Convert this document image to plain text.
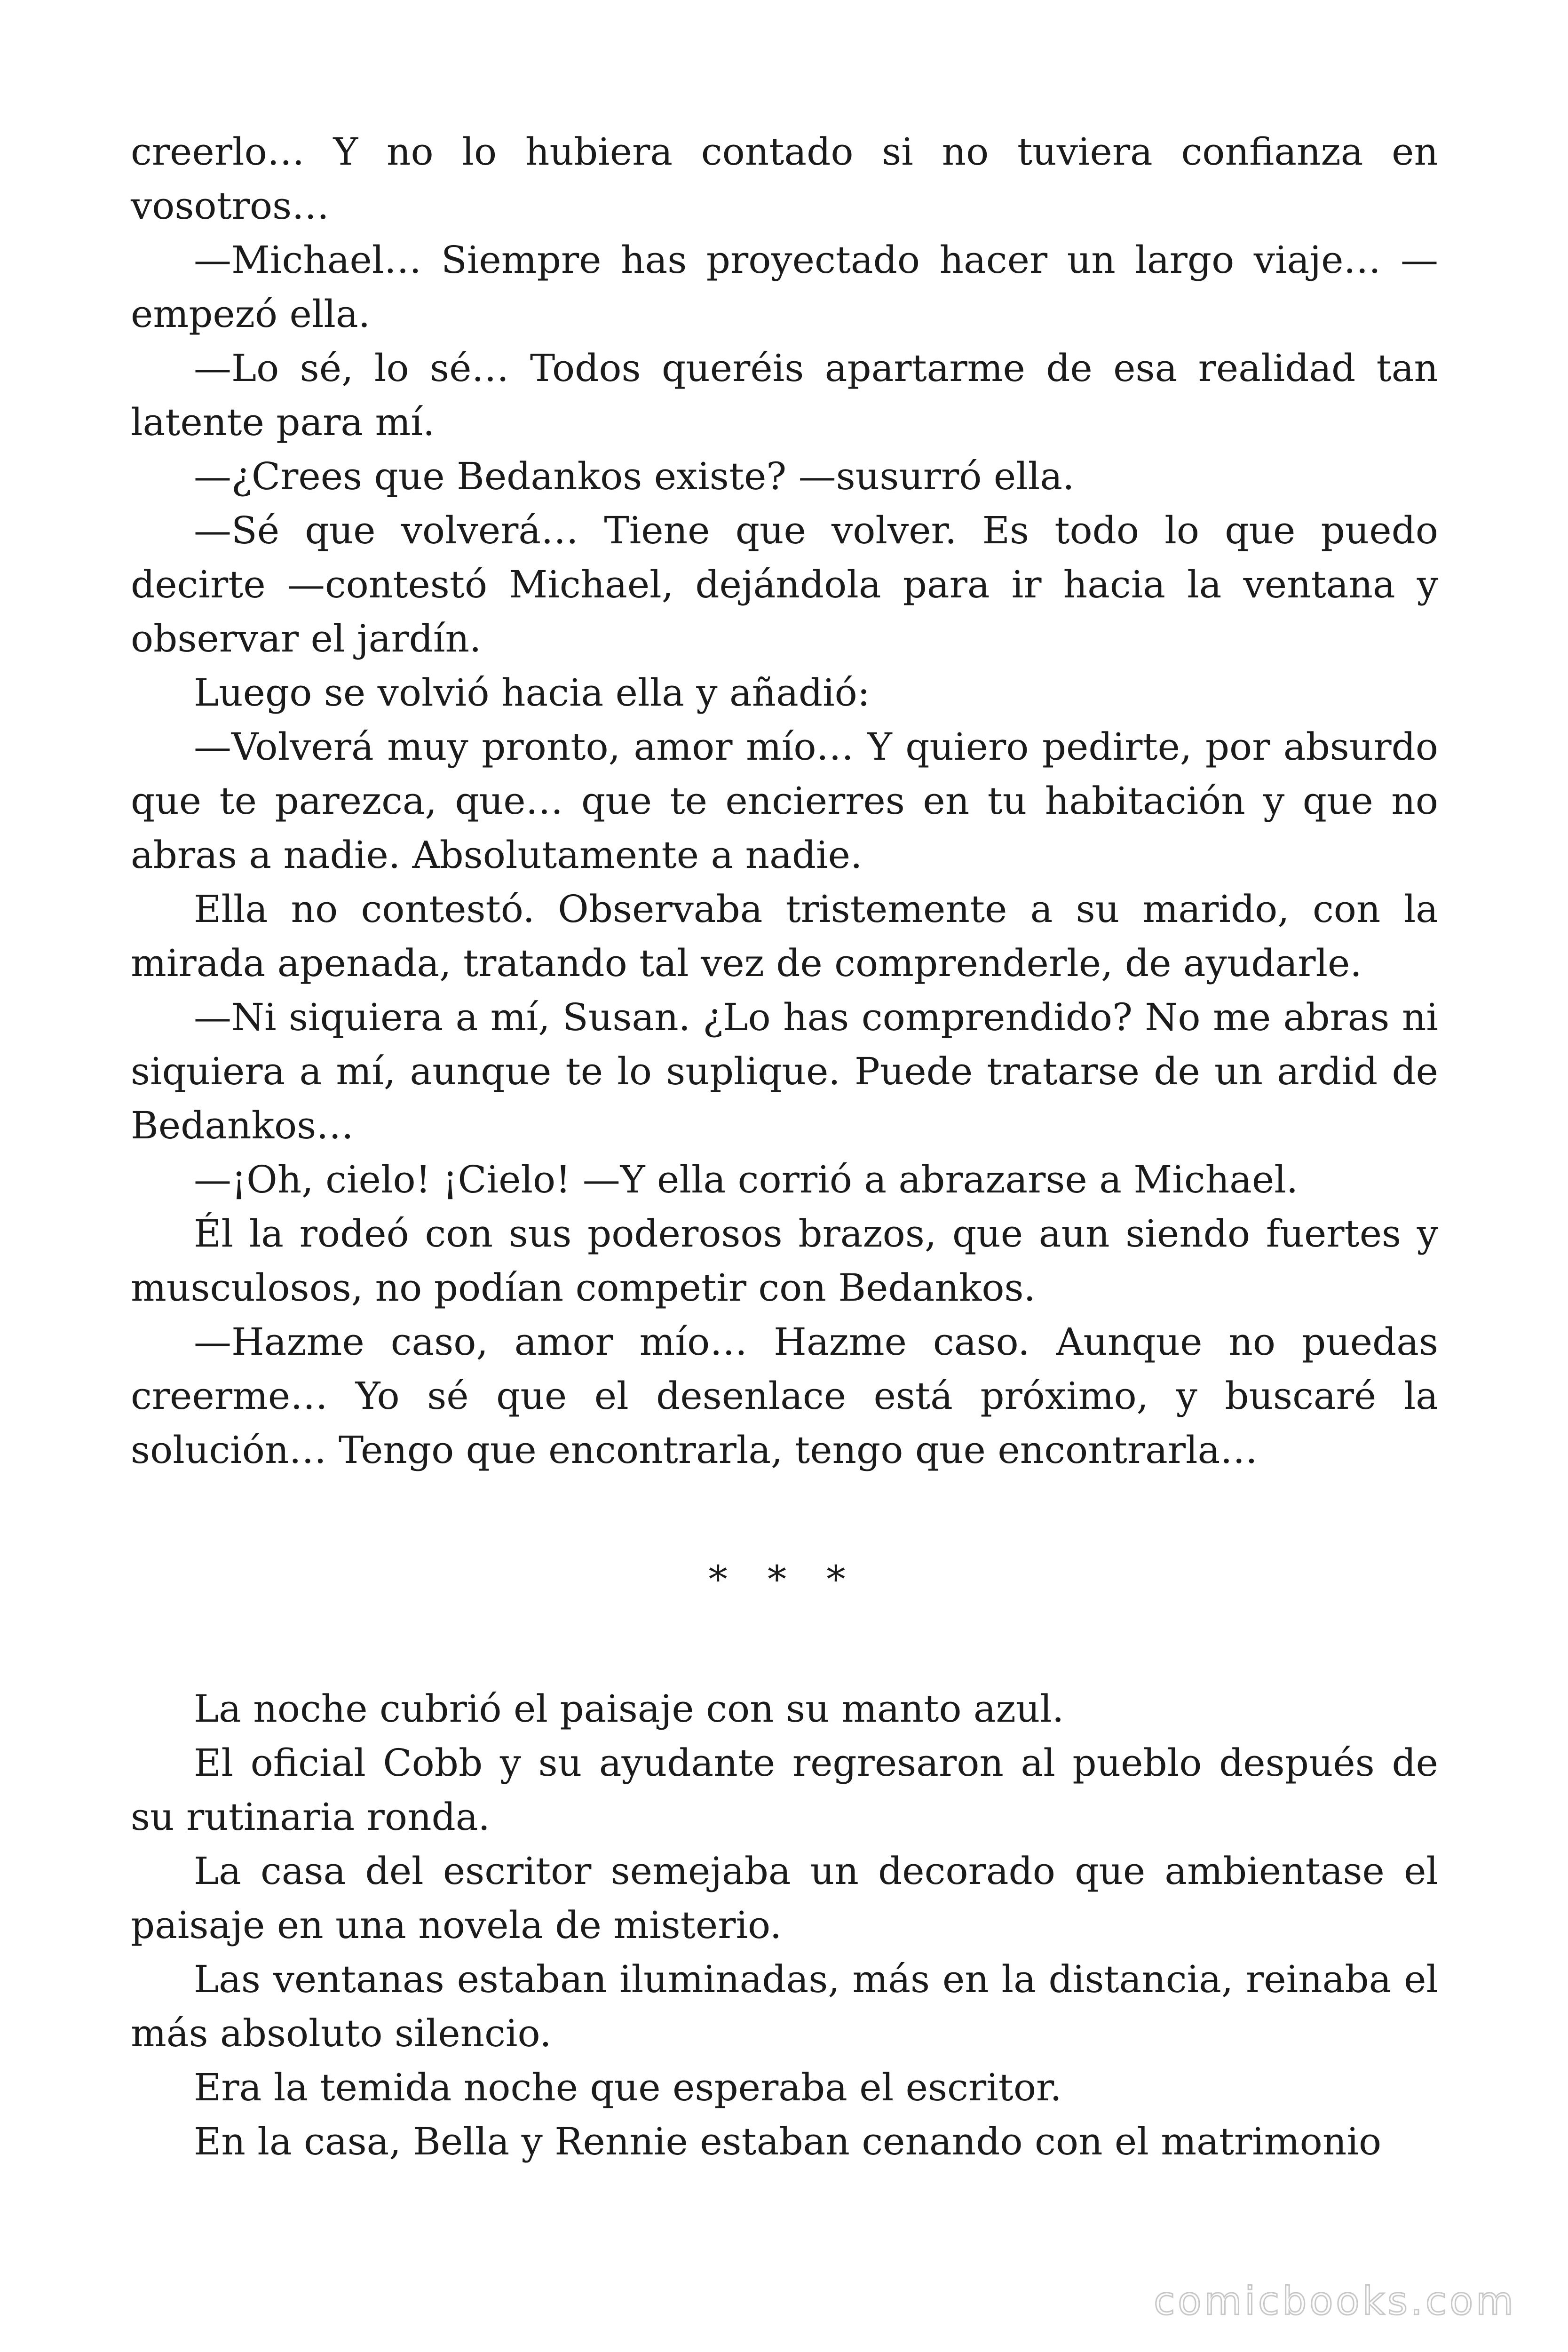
creerlo… Y no lo hubiera contado si no tuviera confianza en vosotros…

—Michael… Siempre has proyectado hacer un largo viaje… —empezó ella.

—Lo sé, lo sé… Todos queréis apartarme de esa realidad tan latente para mí.

—¿Crees que Bedankos existe? —susurró ella.

—Sé que volverá… Tiene que volver. Es todo lo que puedo decirte —contestó Michael, dejándola para ir hacia la ventana y observar el jardín.

Luego se volvió hacia ella y añadió:

—Volverá muy pronto, amor mío… Y quiero pedirte, por absurdo que te parezca, que… que te encierres en tu habitación y que no abras a nadie. Absolutamente a nadie.

Ella no contestó. Observaba tristemente a su marido, con la mirada apenada, tratando tal vez de comprenderle, de ayudarle.

—Ni siquiera a mí, Susan. ¿Lo has comprendido? No me abras ni siquiera a mí, aunque te lo suplique. Puede tratarse de un ardid de Bedankos…

—¡Oh, cielo! ¡Cielo! —Y ella corrió a abrazarse a Michael.

Él la rodeó con sus poderosos brazos, que aun siendo fuertes y musculosos, no podían competir con Bedankos.

—Hazme caso, amor mío… Hazme caso. Aunque no puedas creerme… Yo sé que el desenlace está próximo, y buscaré la solución… Tengo que encontrarla, tengo que encontrarla…

* * *

La noche cubrió el paisaje con su manto azul.

El oficial Cobb y su ayudante regresaron al pueblo después de su rutinaria ronda.

La casa del escritor semejaba un decorado que ambientase el paisaje en una novela de misterio.

Las ventanas estaban iluminadas, más en la distancia, reinaba el más absoluto silencio.

Era la temida noche que esperaba el escritor.

En la casa, Bella y Rennie estaban cenando con el matrimonio

comicbooks.com
